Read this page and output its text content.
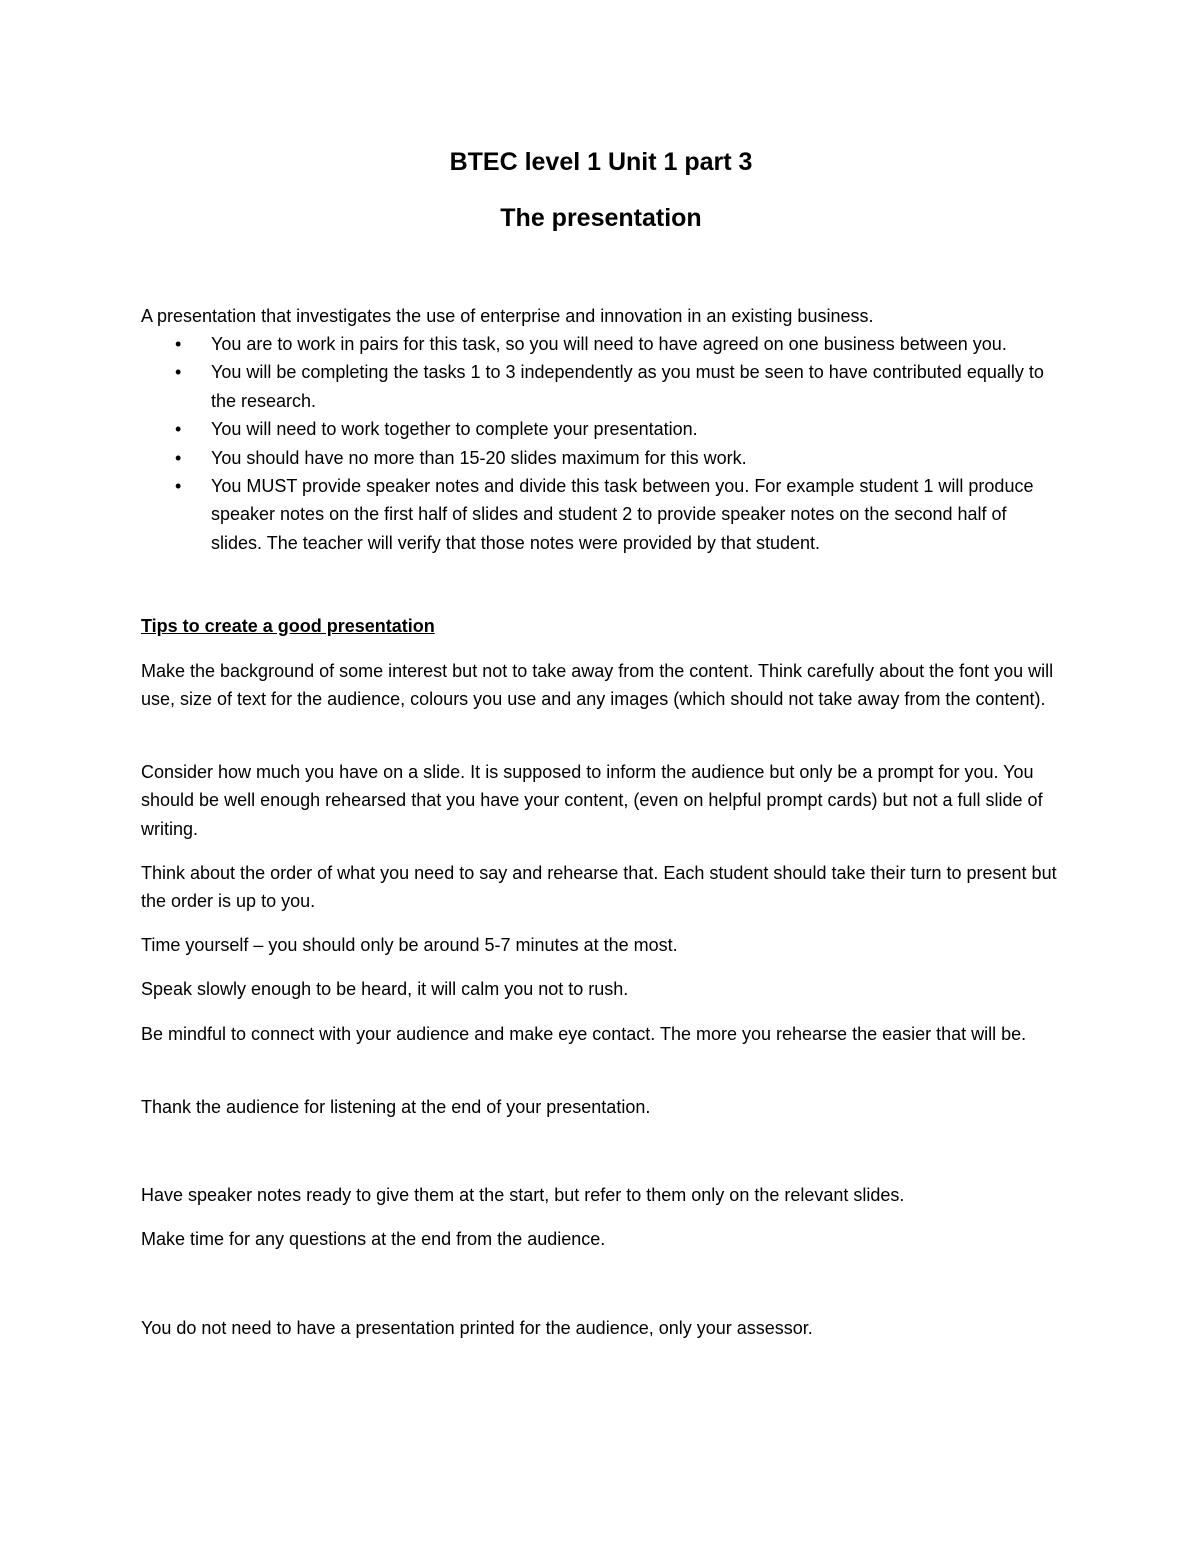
BTEC level 1 Unit 1 part 3
The presentation
A presentation that investigates the use of enterprise and innovation in an existing business.
• You are to work in pairs for this task, so you will need to have agreed on one business between you.
• You will be completing the tasks 1 to 3 independently as you must be seen to have contributed equally to the research.
• You will need to work together to complete your presentation.
• You should have no more than 15-20 slides maximum for this work.
• You MUST provide speaker notes and divide this task between you. For example student 1 will produce speaker notes on the first half of slides and student 2 to provide speaker notes on the second half of slides. The teacher will verify that those notes were provided by that student.
Tips to create a good presentation

Make the background of some interest but not to take away from the content. Think carefully about the font you will use, size of text for the audience, colours you use and any images (which should not take away from the content).

Consider how much you have on a slide. It is supposed to inform the audience but only be a prompt for you. You should be well enough rehearsed that you have your content, (even on helpful prompt cards) but not a full slide of writing.

Think about the order of what you need to say and rehearse that. Each student should take their turn to present but the order is up to you.

Time yourself – you should only be around 5-7 minutes at the most.

Speak slowly enough to be heard, it will calm you not to rush.

Be mindful to connect with your audience and make eye contact. The more you rehearse the easier that will be.

Thank the audience for listening at the end of your presentation.

Have speaker notes ready to give them at the start, but refer to them only on the relevant slides.

Make time for any questions at the end from the audience.

You do not need to have a presentation printed for the audience, only your assessor.
